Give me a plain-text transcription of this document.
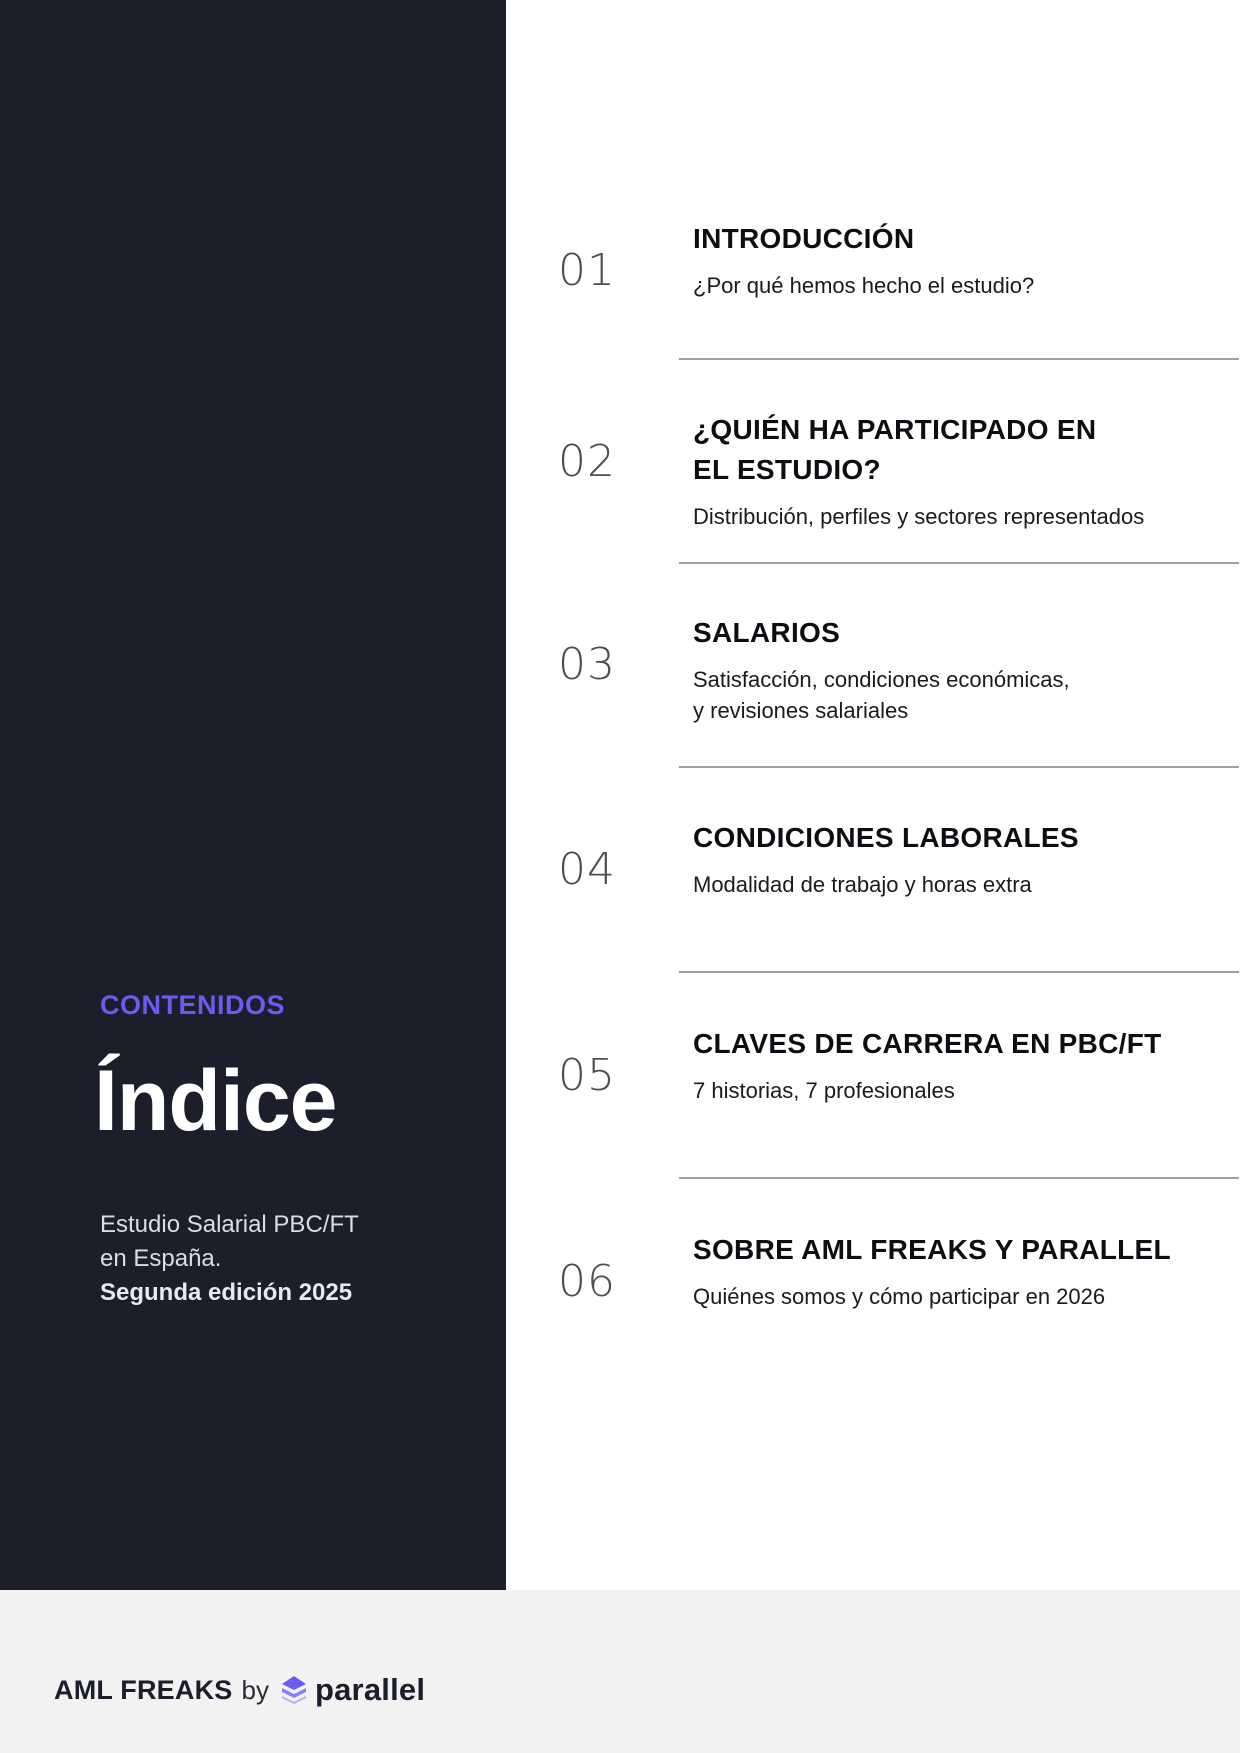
CONTENIDOS
Índice
Estudio Salarial PBC/FT
en España.
Segunda edición 2025
01
INTRODUCCIÓN
¿Por qué hemos hecho el estudio?
02
¿QUIÉN HA PARTICIPADO EN
EL ESTUDIO?
Distribución, perfiles y sectores representados
03
SALARIOS
Satisfacción, condiciones económicas,
y revisiones salariales
04
CONDICIONES LABORALES
Modalidad de trabajo y horas extra
05
CLAVES DE CARRERA EN PBC/FT
7 historias, 7 profesionales
06
SOBRE AML FREAKS Y PARALLEL
Quiénes somos y cómo participar en 2026
AML FREAKS by parallel
